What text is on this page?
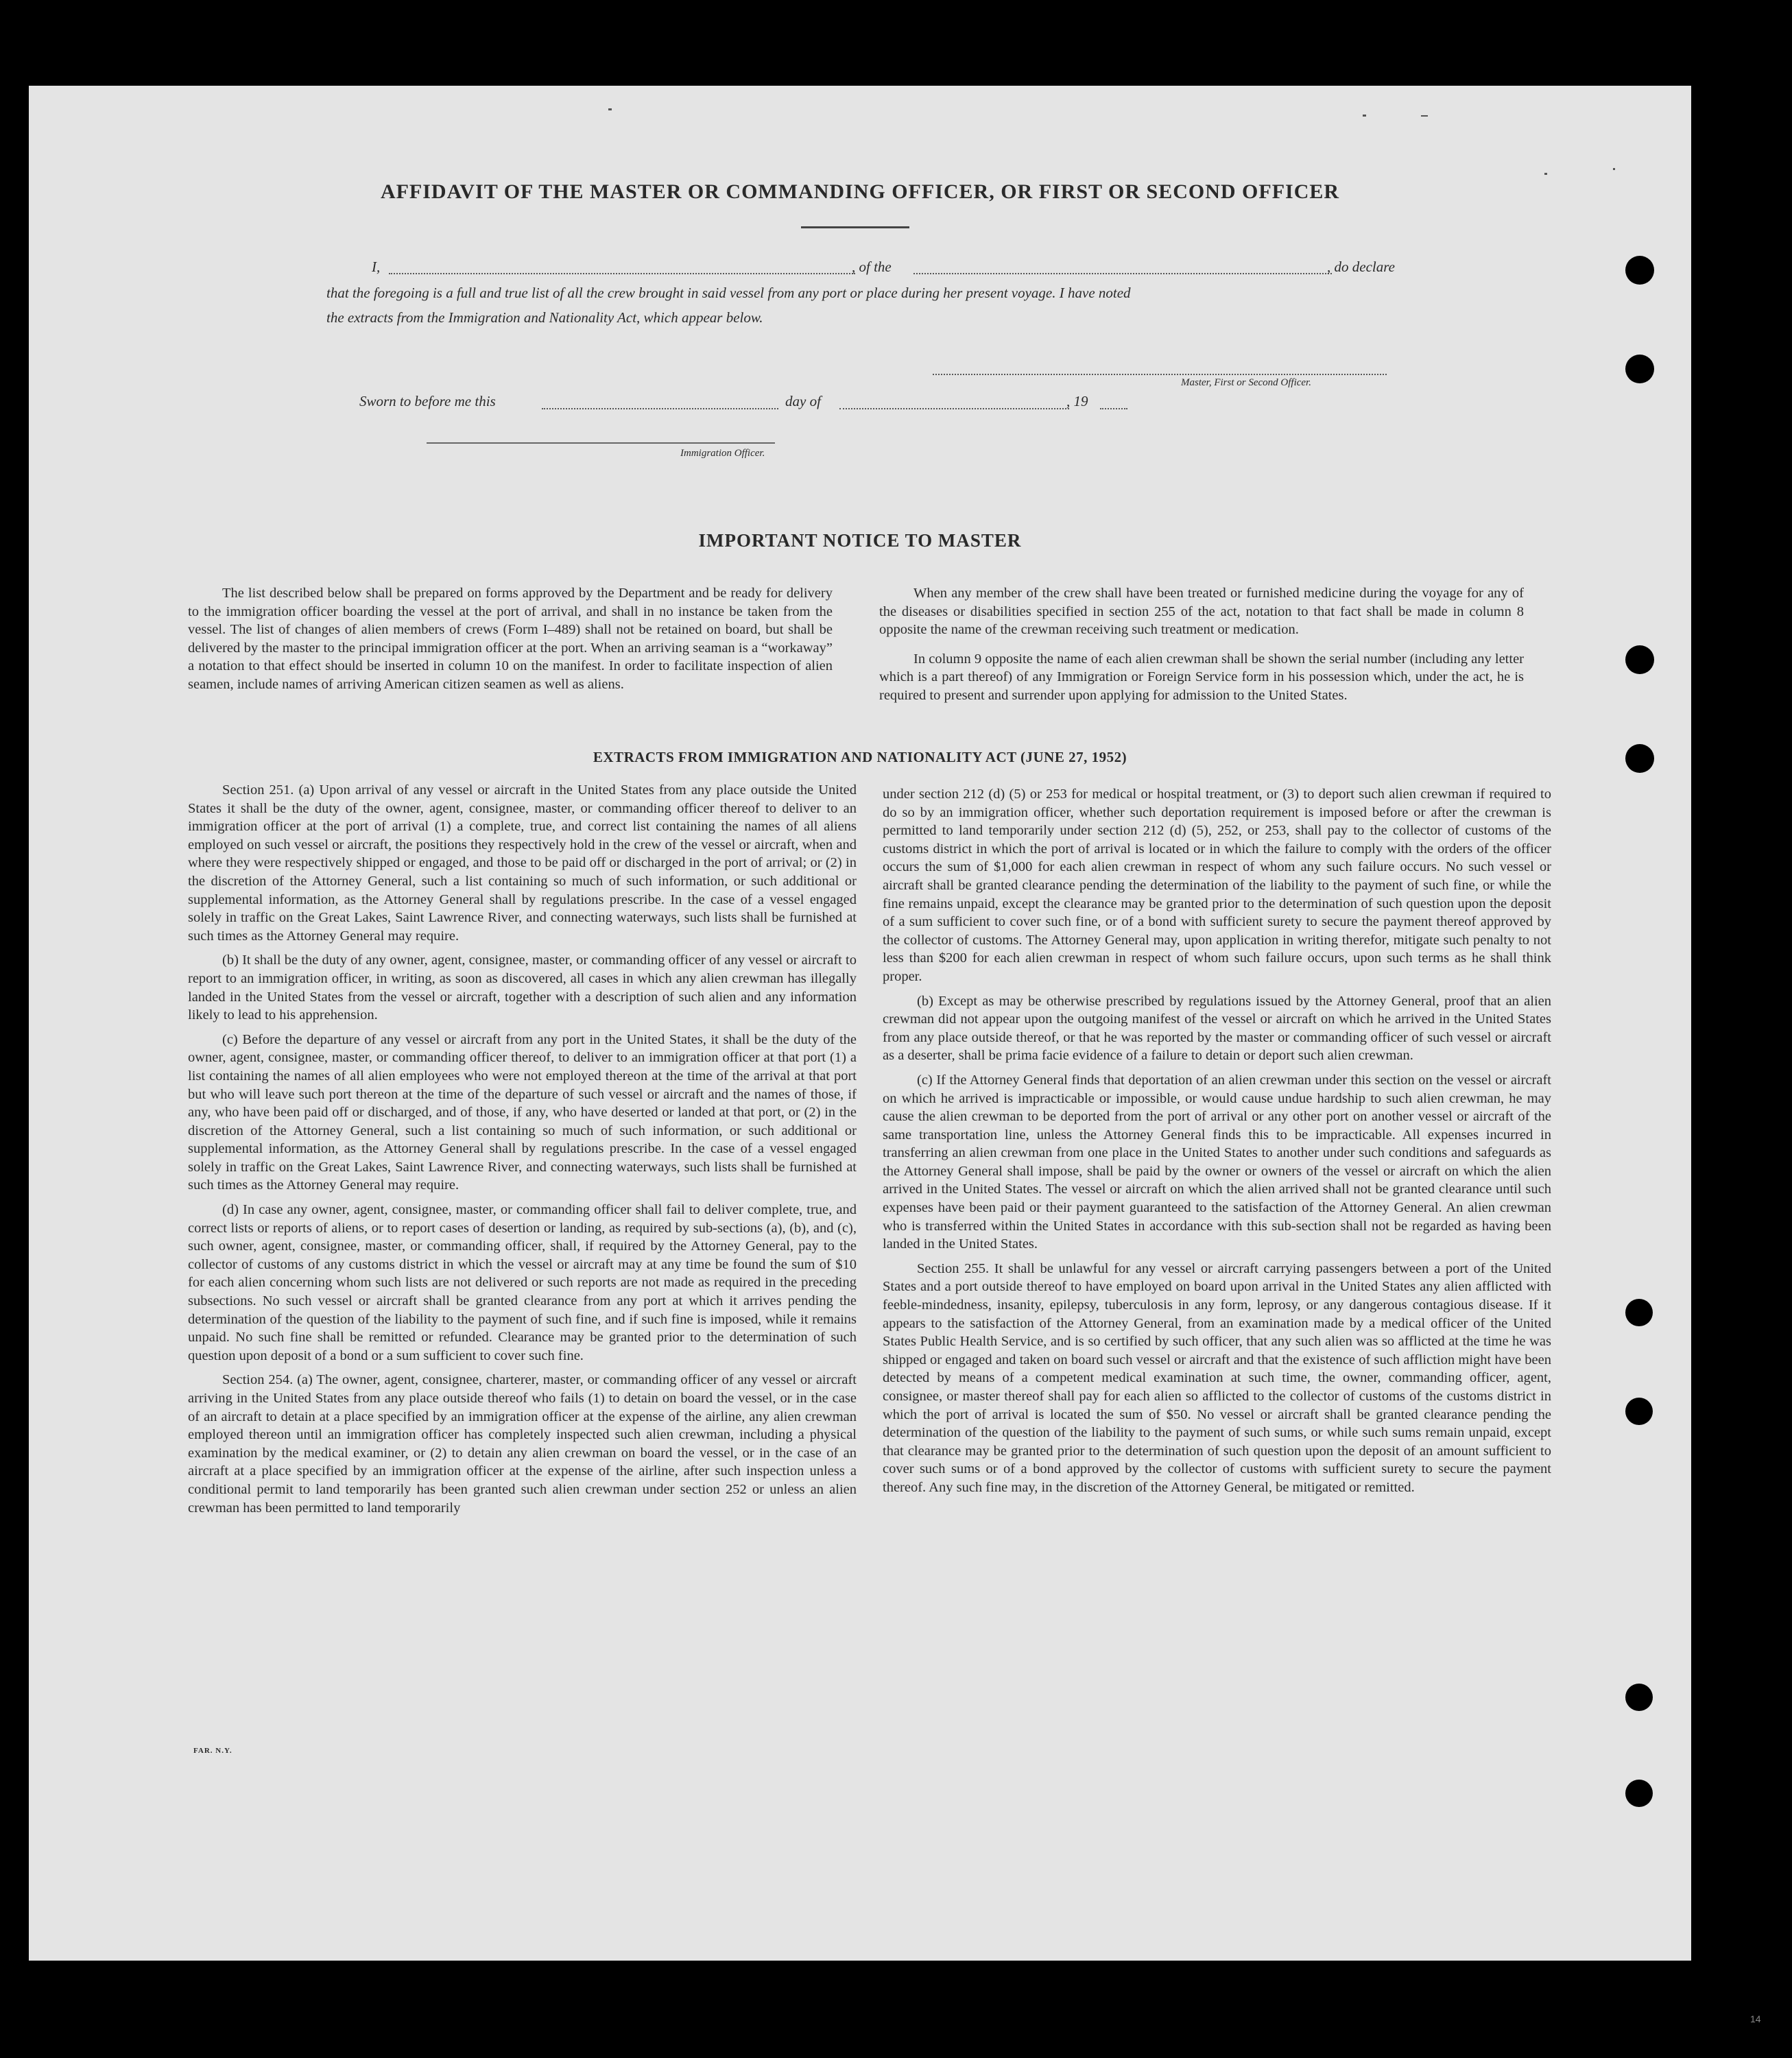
AFFIDAVIT OF THE MASTER OR COMMANDING OFFICER, OR FIRST OR SECOND OFFICER
I,	, of the	, do declare
that the foregoing is a full and true list of all the crew brought in said vessel from any port or place during her present voyage. I have noted
the extracts from the Immigration and Nationality Act, which appear below.
Master, First or Second Officer.
Sworn to before me this	day of	, 19
Immigration Officer.
IMPORTANT NOTICE TO MASTER

The list described below shall be prepared on forms approved by the Department and be ready for delivery to the immigration officer boarding the vessel at the port of arrival, and shall in no instance be taken from the vessel. The list of changes of alien members of crews (Form I–489) shall not be retained on board, but shall be delivered by the master to the principal immigration officer at the port. When an arriving seaman is a “workaway” a notation to that effect should be inserted in column 10 on the manifest. In order to facilitate inspection of alien seamen, include names of arriving American citizen seamen as well as aliens.

When any member of the crew shall have been treated or furnished medicine during the voyage for any of the diseases or disabilities specified in section 255 of the act, notation to that fact shall be made in column 8 opposite the name of the crewman receiving such treatment or medication.

In column 9 opposite the name of each alien crewman shall be shown the serial number (including any letter which is a part thereof) of any Immigration or Foreign Service form in his possession which, under the act, he is required to present and surrender upon applying for admission to the United States.

EXTRACTS FROM IMMIGRATION AND NATIONALITY ACT (JUNE 27, 1952)

Section 251. (a) Upon arrival of any vessel or aircraft in the United States from any place outside the United States it shall be the duty of the owner, agent, consignee, master, or commanding officer thereof to deliver to an immigration officer at the port of arrival (1) a complete, true, and correct list containing the names of all aliens employed on such vessel or aircraft, the positions they respectively hold in the crew of the vessel or aircraft, when and where they were respectively shipped or engaged, and those to be paid off or discharged in the port of arrival; or (2) in the discretion of the Attorney General, such a list containing so much of such information, or such additional or supplemental information, as the Attorney General shall by regulations prescribe. In the case of a vessel engaged solely in traffic on the Great Lakes, Saint Lawrence River, and connecting waterways, such lists shall be furnished at such times as the Attorney General may require.

(b) It shall be the duty of any owner, agent, consignee, master, or commanding officer of any vessel or aircraft to report to an immigration officer, in writing, as soon as discovered, all cases in which any alien crewman has illegally landed in the United States from the vessel or aircraft, together with a description of such alien and any information likely to lead to his apprehension.

(c) Before the departure of any vessel or aircraft from any port in the United States, it shall be the duty of the owner, agent, consignee, master, or commanding officer thereof, to deliver to an immigration officer at that port (1) a list containing the names of all alien employees who were not employed thereon at the time of the arrival at that port but who will leave such port thereon at the time of the departure of such vessel or aircraft and the names of those, if any, who have been paid off or discharged, and of those, if any, who have deserted or landed at that port, or (2) in the discretion of the Attorney General, such a list containing so much of such information, or such additional or supplemental information, as the Attorney General shall by regulations prescribe. In the case of a vessel engaged solely in traffic on the Great Lakes, Saint Lawrence River, and connecting waterways, such lists shall be furnished at such times as the Attorney General may require.

(d) In case any owner, agent, consignee, master, or commanding officer shall fail to deliver complete, true, and correct lists or reports of aliens, or to report cases of desertion or landing, as required by sub-sections (a), (b), and (c), such owner, agent, consignee, master, or commanding officer, shall, if required by the Attorney General, pay to the collector of customs of any customs district in which the vessel or aircraft may at any time be found the sum of $10 for each alien concerning whom such lists are not delivered or such reports are not made as required in the preceding subsections. No such vessel or aircraft shall be granted clearance from any port at which it arrives pending the determination of the question of the liability to the payment of such fine, and if such fine is imposed, while it remains unpaid. No such fine shall be remitted or refunded. Clearance may be granted prior to the determination of such question upon deposit of a bond or a sum sufficient to cover such fine.

Section 254. (a) The owner, agent, consignee, charterer, master, or commanding officer of any vessel or aircraft arriving in the United States from any place outside thereof who fails (1) to detain on board the vessel, or in the case of an aircraft to detain at a place specified by an immigration officer at the expense of the airline, any alien crewman employed thereon until an immigration officer has completely inspected such alien crewman, including a physical examination by the medical examiner, or (2) to detain any alien crewman on board the vessel, or in the case of an aircraft at a place specified by an immigration officer at the expense of the airline, after such inspection unless a conditional permit to land temporarily has been granted such alien crewman under section 252 or unless an alien crewman has been permitted to land temporarily

under section 212 (d) (5) or 253 for medical or hospital treatment, or (3) to deport such alien crewman if required to do so by an immigration officer, whether such deportation requirement is imposed before or after the crewman is permitted to land temporarily under section 212 (d) (5), 252, or 253, shall pay to the collector of customs of the customs district in which the port of arrival is located or in which the failure to comply with the orders of the officer occurs the sum of $1,000 for each alien crewman in respect of whom any such failure occurs. No such vessel or aircraft shall be granted clearance pending the determination of the liability to the payment of such fine, or while the fine remains unpaid, except the clearance may be granted prior to the determination of such question upon the deposit of a sum sufficient to cover such fine, or of a bond with sufficient surety to secure the payment thereof approved by the collector of customs. The Attorney General may, upon application in writing therefor, mitigate such penalty to not less than $200 for each alien crewman in respect of whom such failure occurs, upon such terms as he shall think proper.

(b) Except as may be otherwise prescribed by regulations issued by the Attorney General, proof that an alien crewman did not appear upon the outgoing manifest of the vessel or aircraft on which he arrived in the United States from any place outside thereof, or that he was reported by the master or commanding officer of such vessel or aircraft as a deserter, shall be prima facie evidence of a failure to detain or deport such alien crewman.

(c) If the Attorney General finds that deportation of an alien crewman under this section on the vessel or aircraft on which he arrived is impracticable or impossible, or would cause undue hardship to such alien crewman, he may cause the alien crewman to be deported from the port of arrival or any other port on another vessel or aircraft of the same transportation line, unless the Attorney General finds this to be impracticable. All expenses incurred in transferring an alien crewman from one place in the United States to another under such conditions and safeguards as the Attorney General shall impose, shall be paid by the owner or owners of the vessel or aircraft on which the alien arrived in the United States. The vessel or aircraft on which the alien arrived shall not be granted clearance until such expenses have been paid or their payment guaranteed to the satisfaction of the Attorney General. An alien crewman who is transferred within the United States in accordance with this sub-section shall not be regarded as having been landed in the United States.

Section 255. It shall be unlawful for any vessel or aircraft carrying passengers between a port of the United States and a port outside thereof to have employed on board upon arrival in the United States any alien afflicted with feeble-mindedness, insanity, epilepsy, tuberculosis in any form, leprosy, or any dangerous contagious disease. If it appears to the satisfaction of the Attorney General, from an examination made by a medical officer of the United States Public Health Service, and is so certified by such officer, that any such alien was so afflicted at the time he was shipped or engaged and taken on board such vessel or aircraft and that the existence of such affliction might have been detected by means of a competent medical examination at such time, the owner, commanding officer, agent, consignee, or master thereof shall pay for each alien so afflicted to the collector of customs of the customs district in which the port of arrival is located the sum of $50. No vessel or aircraft shall be granted clearance pending the determination of the question of the liability to the payment of such sums, or while such sums remain unpaid, except that clearance may be granted prior to the determination of such question upon the deposit of an amount sufficient to cover such sums or of a bond approved by the collector of customs with sufficient surety to secure the payment thereof. Any such fine may, in the discretion of the Attorney General, be mitigated or remitted.

FAR. N.Y.
14
